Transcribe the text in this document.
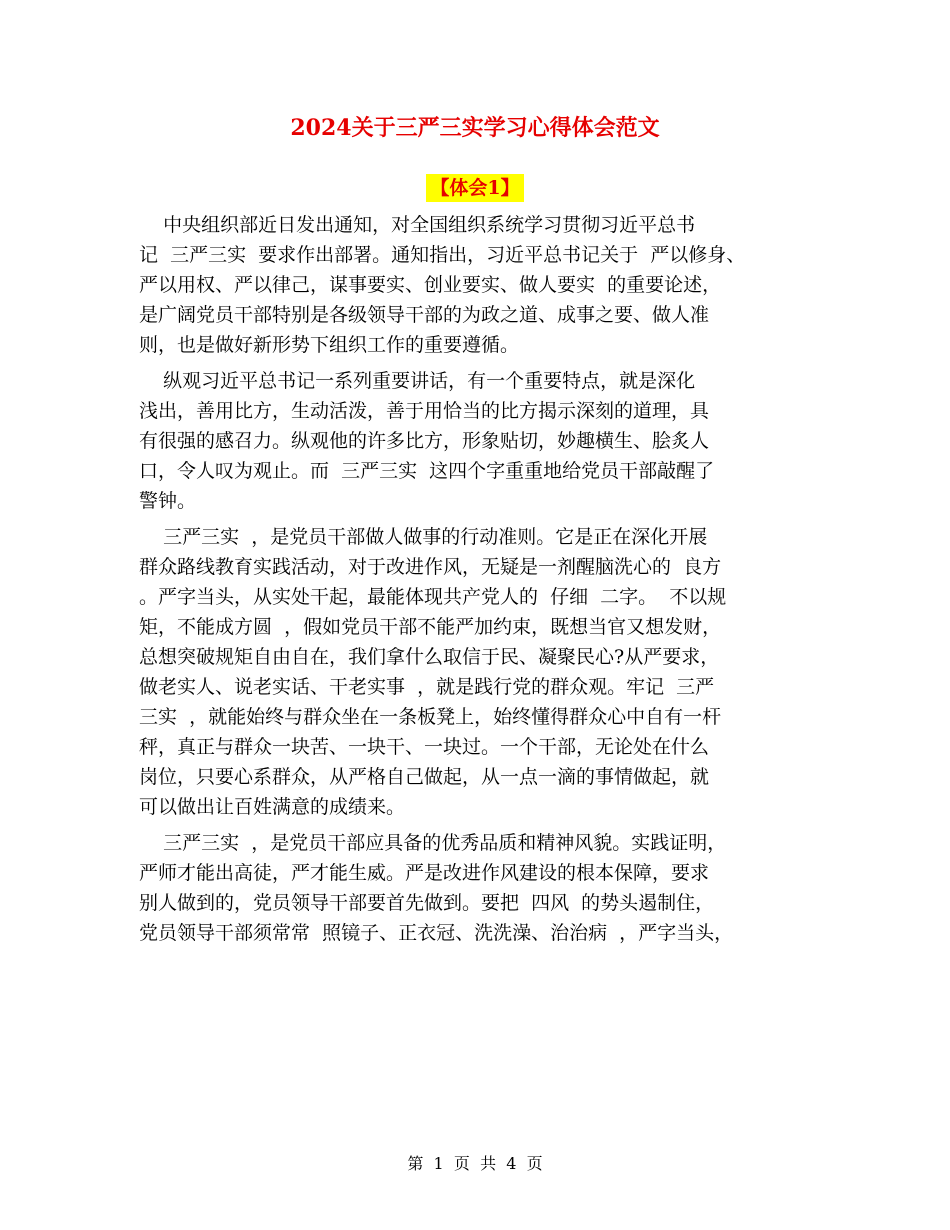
2024关于三严三实学习心得体会范文
【体会1】
中央组织部近日发出通知，对全国组织系统学习贯彻习近平总书
记  三严三实  要求作出部署。通知指出，习近平总书记关于  严以修身、
严以用权、严以律己，谋事要实、创业要实、做人要实  的重要论述，
是广阔党员干部特别是各级领导干部的为政之道、成事之要、做人准
则，也是做好新形势下组织工作的重要遵循。
纵观习近平总书记一系列重要讲话，有一个重要特点，就是深化
浅出，善用比方，生动活泼，善于用恰当的比方揭示深刻的道理，具
有很强的感召力。纵观他的许多比方，形象贴切，妙趣横生、脍炙人
口，令人叹为观止。而  三严三实  这四个字重重地给党员干部敲醒了
警钟。
三严三实  ，是党员干部做人做事的行动准则。它是正在深化开展
群众路线教育实践活动，对于改进作风，无疑是一剂醒脑洗心的  良方
。严字当头，从实处干起，最能体现共产党人的  仔细  二字。  不以规
矩，不能成方圆  ，假如党员干部不能严加约束，既想当官又想发财，
总想突破规矩自由自在，我们拿什么取信于民、凝聚民心?从严要求，
做老实人、说老实话、干老实事  ，就是践行党的群众观。牢记  三严
三实  ，就能始终与群众坐在一条板凳上，始终懂得群众心中自有一杆
秤，真正与群众一块苦、一块干、一块过。一个干部，无论处在什么
岗位，只要心系群众，从严格自己做起，从一点一滴的事情做起，就
可以做出让百姓满意的成绩来。
三严三实  ，是党员干部应具备的优秀品质和精神风貌。实践证明，
严师才能出高徒，严才能生威。严是改进作风建设的根本保障，要求
别人做到的，党员领导干部要首先做到。要把  四风  的势头遏制住，
党员领导干部须常常  照镜子、正衣冠、洗洗澡、治治病  ，严字当头，
第  1  页  共  4  页
